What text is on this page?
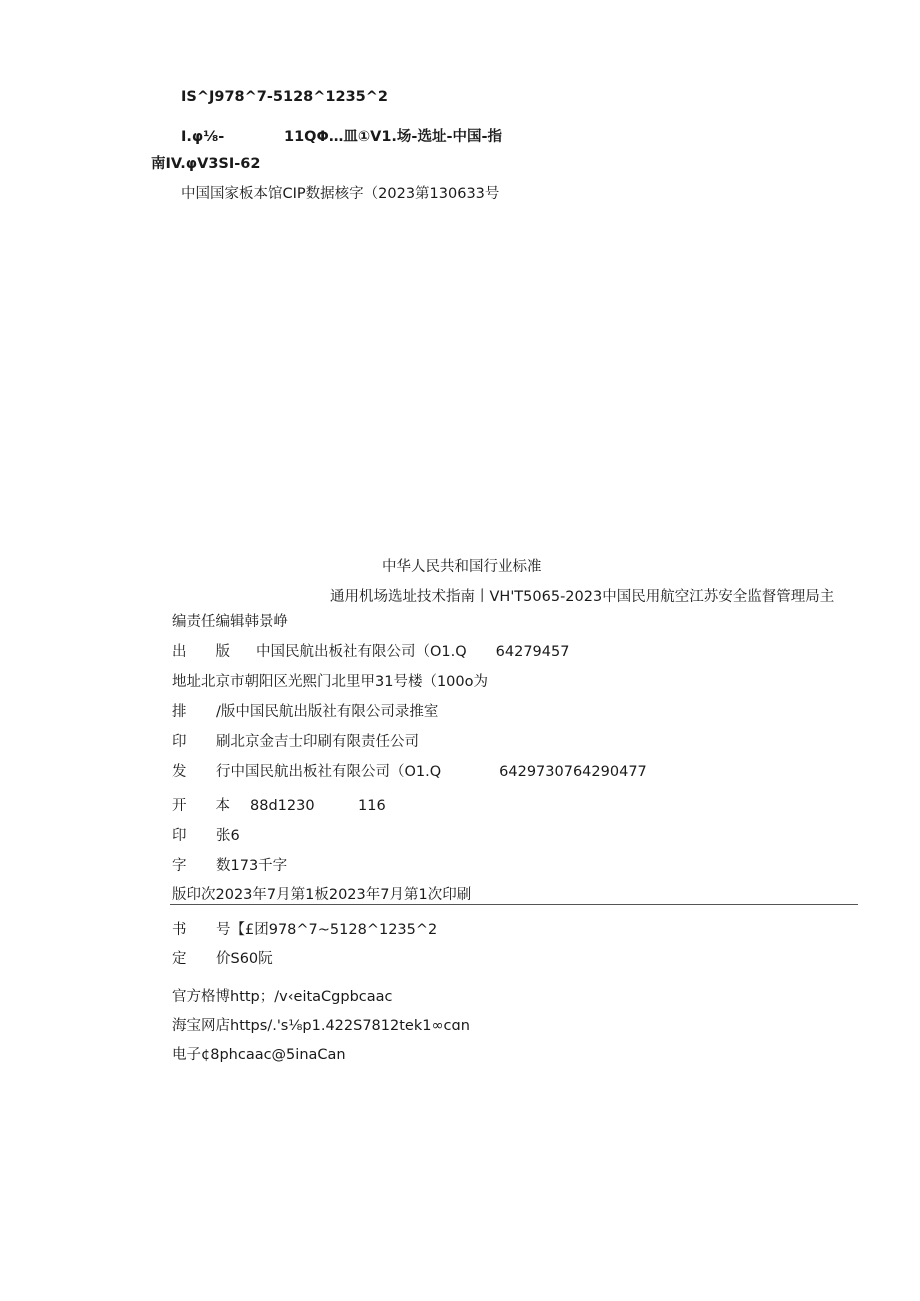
IS^J978^7-5128^1235^2
I.φ⅛-	11QΦ…皿①V1.场-选址-中国-指
南IV.φV3SI-62
中国国家板本馆CIP数据核字（2023第130633号
中华人民共和国行业标准
通用机场选址技术指南丨VH'T5065-2023中国民用航空江苏安全监督管理局主
编责任编辑韩景峥
出　　版 中国民航出板社有限公司（O1.Q　　64279457
地址北京市朝阳区光熙门北里甲31号楼（100o为
排 /版中国民航出版社有限公司录推室
印 刷北京金吉士印刷有限责任公司
发 行中国民航出板社有限公司（O1.Q　　　　6429730764290477
开　　本 88d1230　　　116
印 张6
字 数173千字
版印次2023年7月第1板2023年7月第1次印刷
书 号【£团978^7~5128^1235^2
定 价S60阮
官方格博http；/v‹eitaCgpbcaac
海宝网店https/.'s⅛p1.422S7812tek1∞cɑn
电子¢8phcaac@5inaCan
